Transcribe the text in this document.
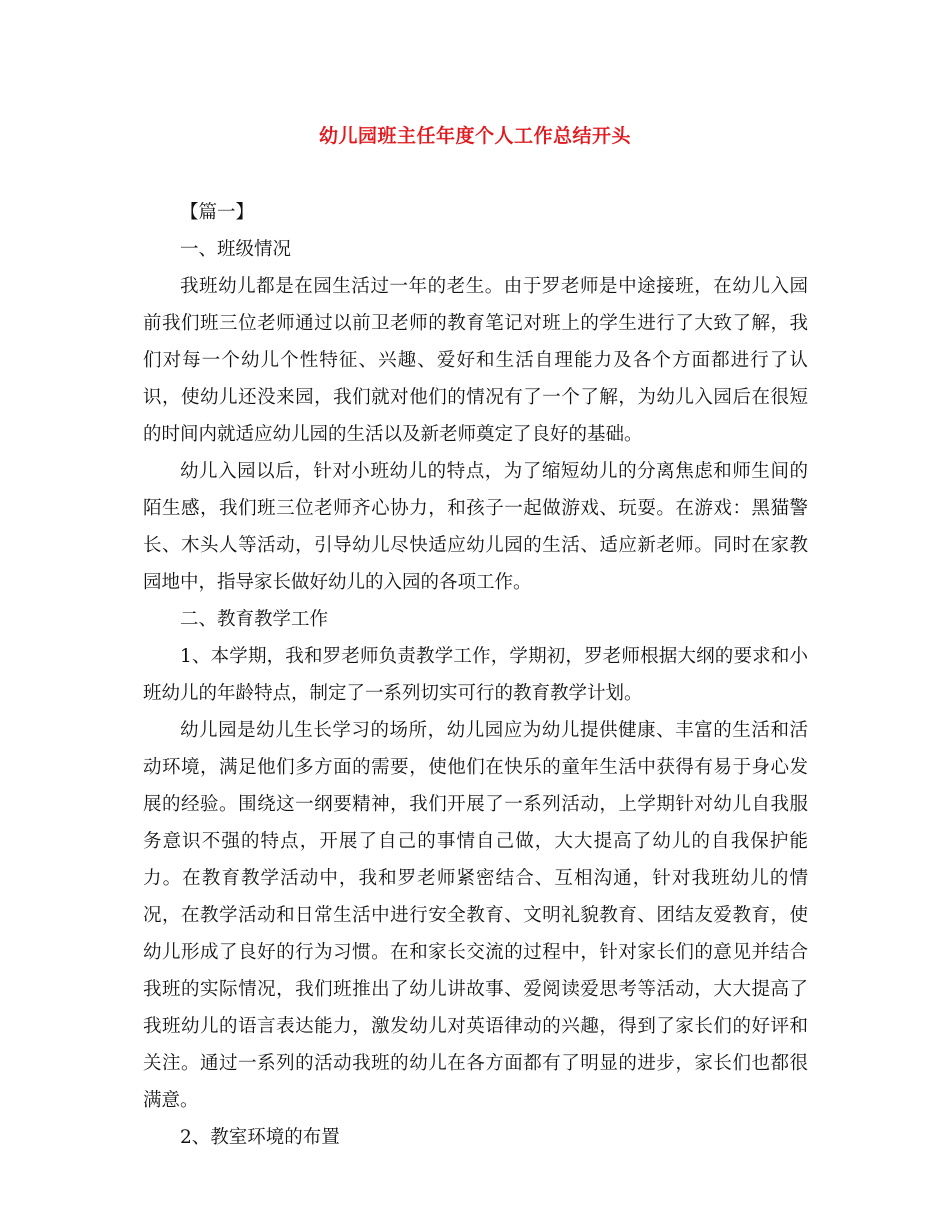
幼儿园班主任年度个人工作总结开头

【篇一】

一、班级情况

我班幼儿都是在园生活过一年的老生。由于罗老师是中途接班，在幼儿入园前我们班三位老师通过以前卫老师的教育笔记对班上的学生进行了大致了解，我们对每一个幼儿个性特征、兴趣、爱好和生活自理能力及各个方面都进行了认识，使幼儿还没来园，我们就对他们的情况有了一个了解，为幼儿入园后在很短的时间内就适应幼儿园的生活以及新老师奠定了良好的基础。

幼儿入园以后，针对小班幼儿的特点，为了缩短幼儿的分离焦虑和师生间的陌生感，我们班三位老师齐心协力，和孩子一起做游戏、玩耍。在游戏：黑猫警长、木头人等活动，引导幼儿尽快适应幼儿园的生活、适应新老师。同时在家教园地中，指导家长做好幼儿的入园的各项工作。

二、教育教学工作

1、本学期，我和罗老师负责教学工作，学期初，罗老师根据大纲的要求和小班幼儿的年龄特点，制定了一系列切实可行的教育教学计划。

幼儿园是幼儿生长学习的场所，幼儿园应为幼儿提供健康、丰富的生活和活动环境，满足他们多方面的需要，使他们在快乐的童年生活中获得有易于身心发展的经验。围绕这一纲要精神，我们开展了一系列活动，上学期针对幼儿自我服务意识不强的特点，开展了自己的事情自己做，大大提高了幼儿的自我保护能力。在教育教学活动中，我和罗老师紧密结合、互相沟通，针对我班幼儿的情况，在教学活动和日常生活中进行安全教育、文明礼貌教育、团结友爱教育，使幼儿形成了良好的行为习惯。在和家长交流的过程中，针对家长们的意见并结合我班的实际情况，我们班推出了幼儿讲故事、爱阅读爱思考等活动，大大提高了我班幼儿的语言表达能力，激发幼儿对英语律动的兴趣，得到了家长们的好评和关注。通过一系列的活动我班的幼儿在各方面都有了明显的进步，家长们也都很满意。

2、教室环境的布置
